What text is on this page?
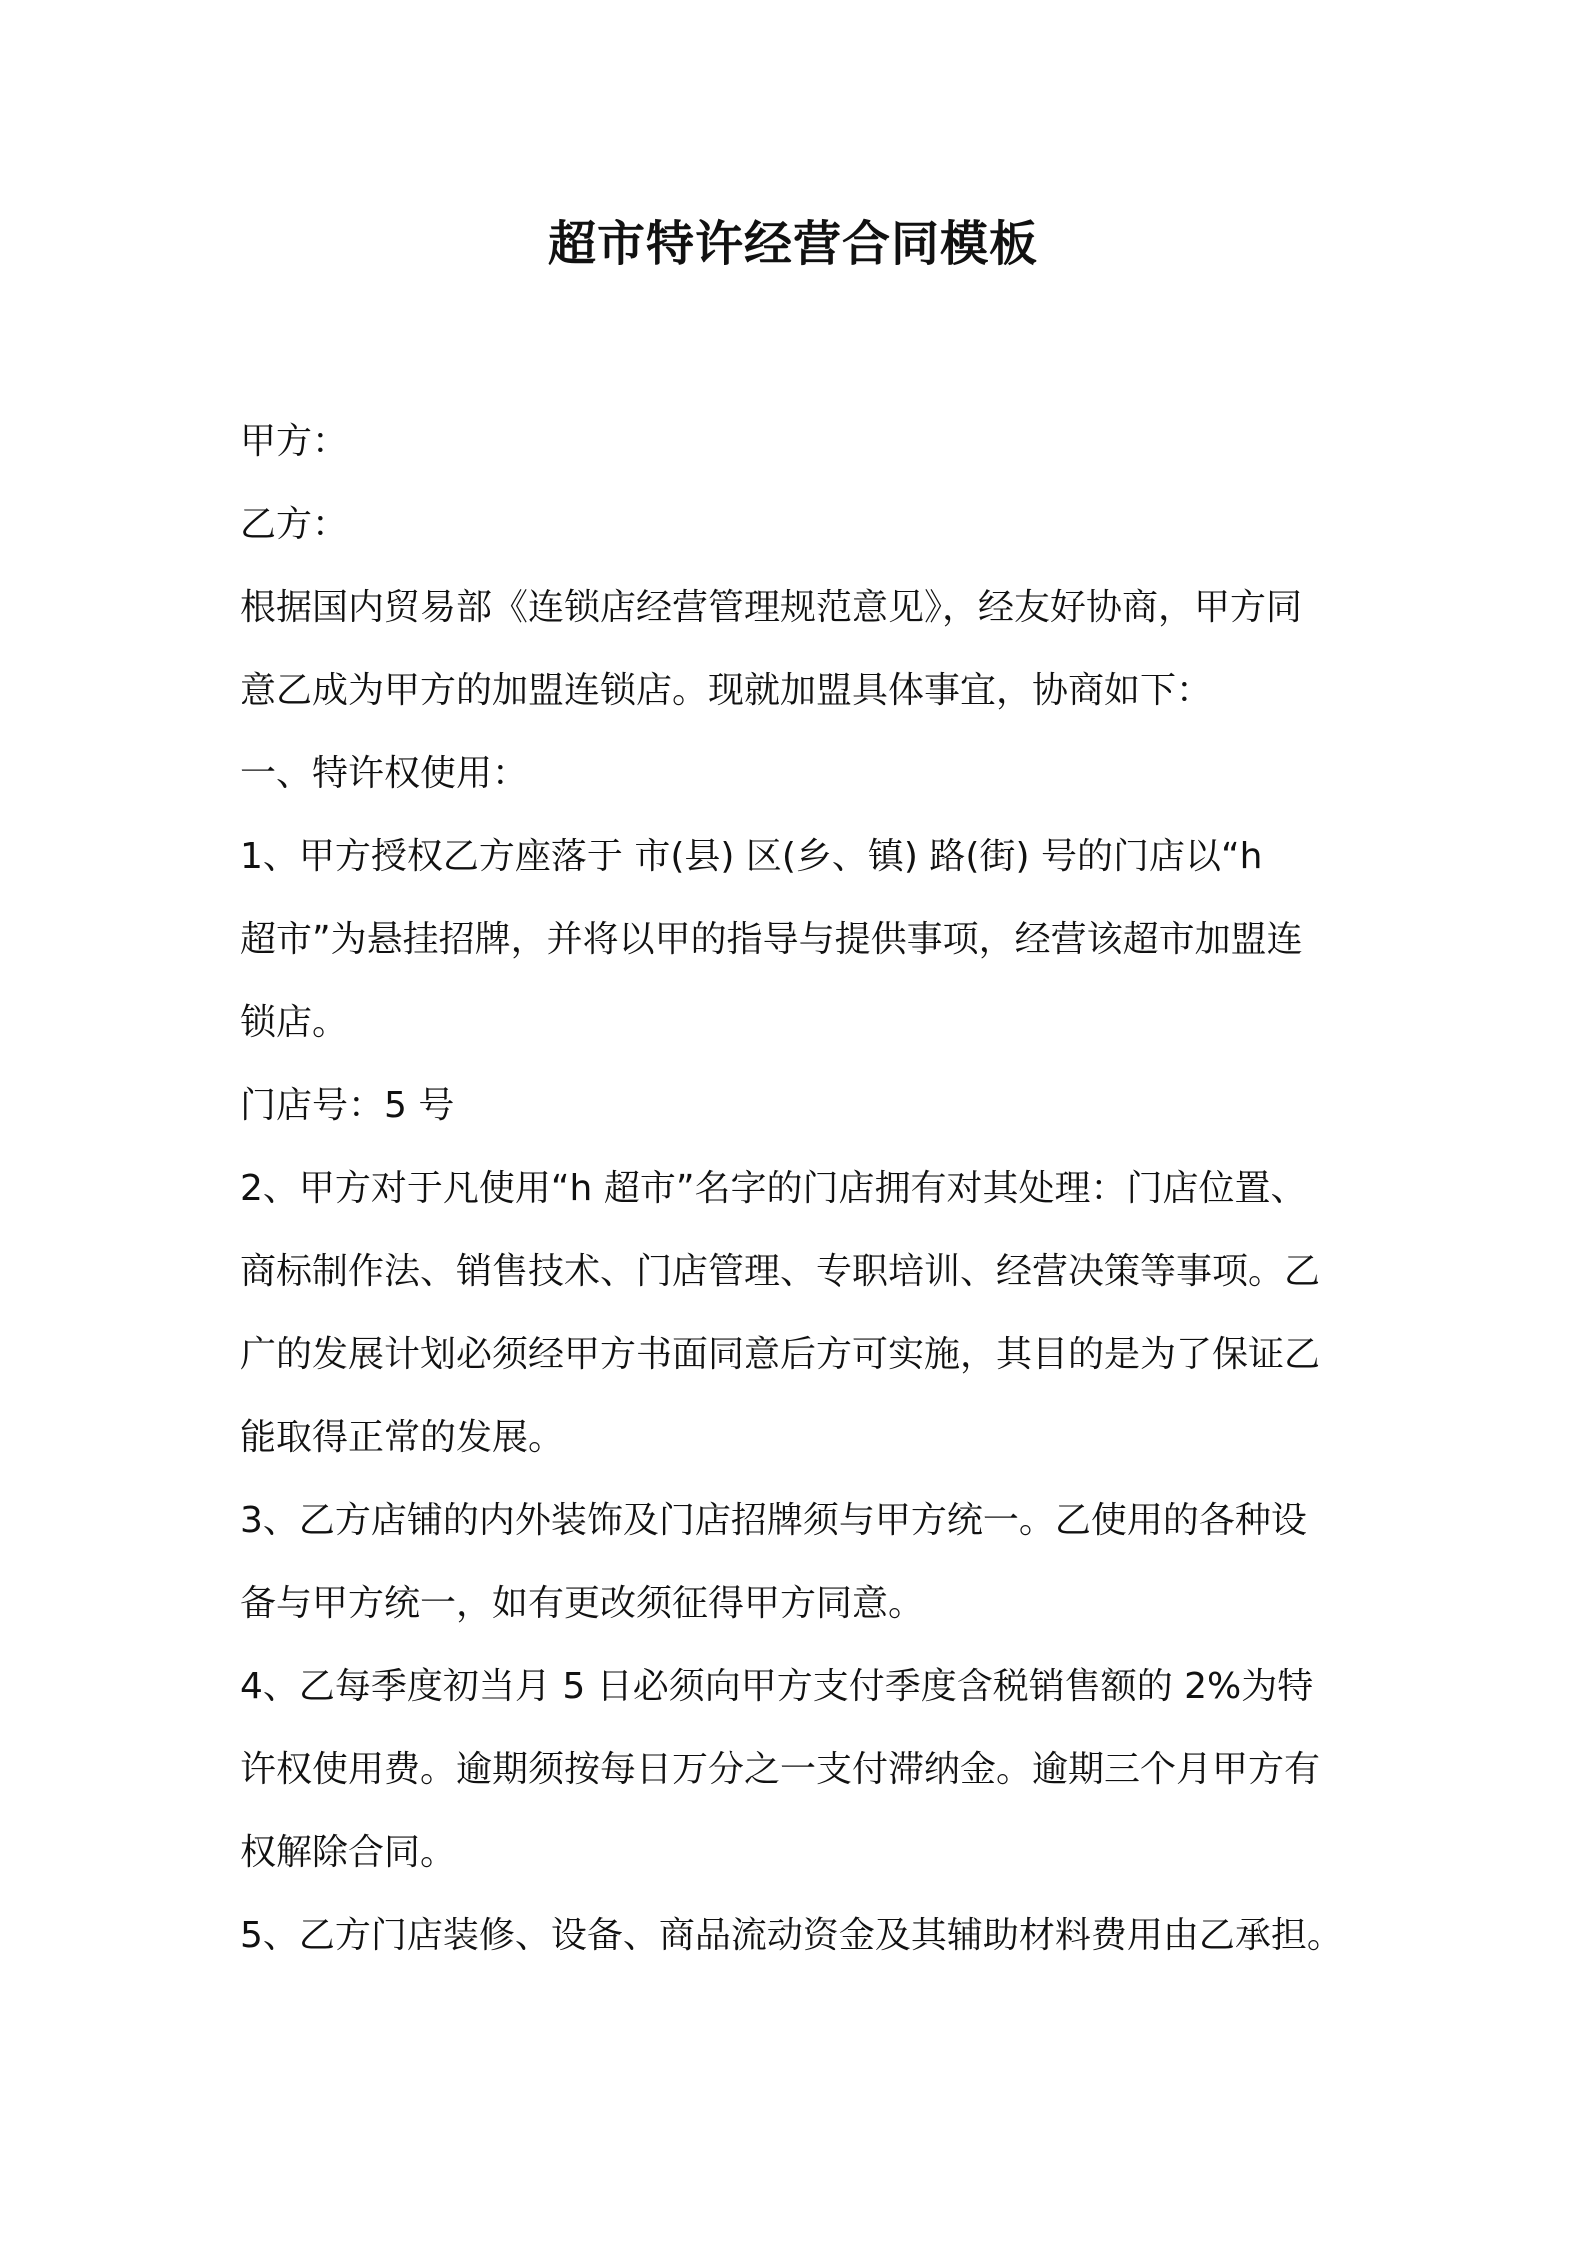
超市特许经营合同模板
甲方：
乙方：
根据国内贸易部《连锁店经营管理规范意见》，经友好协商，甲方同
意乙成为甲方的加盟连锁店。现就加盟具体事宜，协商如下：
一、特许权使用：
1、甲方授权乙方座落于 市(县) 区(乡、镇) 路(街) 号的门店以“h
超市”为悬挂招牌，并将以甲的指导与提供事项，经营该超市加盟连
锁店。
门店号：5 号
2、甲方对于凡使用“h 超市”名字的门店拥有对其处理：门店位置、
商标制作法、销售技术、门店管理、专职培训、经营决策等事项。乙
广的发展计划必须经甲方书面同意后方可实施，其目的是为了保证乙
能取得正常的发展。
3、乙方店铺的内外装饰及门店招牌须与甲方统一。乙使用的各种设
备与甲方统一，如有更改须征得甲方同意。
4、乙每季度初当月 5 日必须向甲方支付季度含税销售额的 2%为特
许权使用费。逾期须按每日万分之一支付滞纳金。逾期三个月甲方有
权解除合同。
5、乙方门店装修、设备、商品流动资金及其辅助材料费用由乙承担。
